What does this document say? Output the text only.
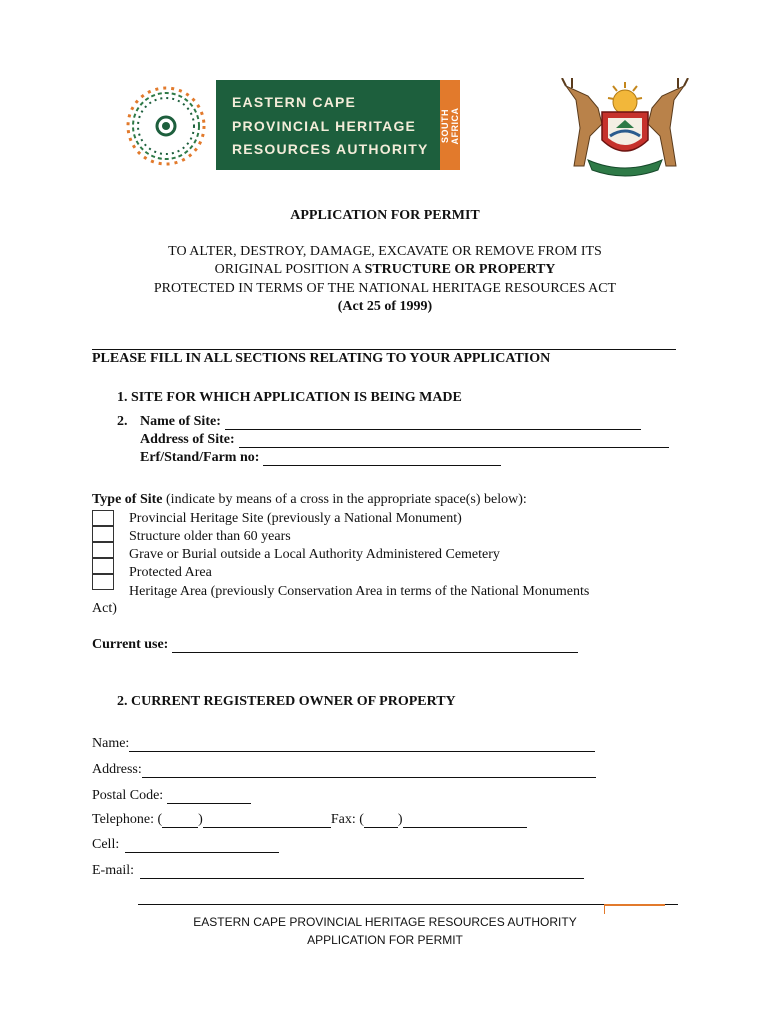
EASTERN CAPE
PROVINCIAL HERITAGE
RESOURCES AUTHORITY
SOUTH AFRICA
APPLICATION FOR PERMIT
TO ALTER, DESTROY, DAMAGE, EXCAVATE OR REMOVE FROM ITS
ORIGINAL POSITION A STRUCTURE OR PROPERTY
PROTECTED IN TERMS OF THE NATIONAL HERITAGE RESOURCES ACT
(Act 25 of 1999)
PLEASE FILL IN ALL SECTIONS RELATING TO YOUR APPLICATION
1. SITE FOR WHICH APPLICATION IS BEING MADE
2. Name of Site:
Address of Site:
Erf/Stand/Farm no:
Type of Site (indicate by means of a cross in the appropriate space(s) below):
Provincial Heritage Site (previously a National Monument)
Structure older than 60 years
Grave or Burial outside a Local Authority Administered Cemetery
Protected Area
Heritage Area (previously Conservation Area in terms of the National Monuments
Act)
Current use:
2. CURRENT REGISTERED OWNER OF PROPERTY
Name:
Address:
Postal Code:
Telephone: (	)	Fax: ( )
Cell:
E-mail:
EASTERN CAPE PROVINCIAL HERITAGE RESOURCES AUTHORITY
APPLICATION FOR PERMIT
